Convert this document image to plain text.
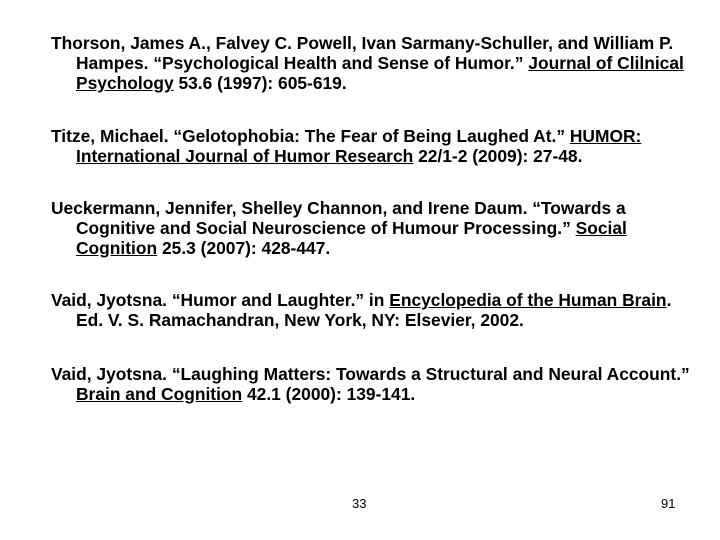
Thorson, James A., Falvey C. Powell, Ivan Sarmany-Schuller, and William P. Hampes. “Psychological Health and Sense of Humor.” Journal of Clilnical Psychology 53.6 (1997): 605-619.
Titze, Michael. “Gelotophobia: The Fear of Being Laughed At.” HUMOR: International Journal of Humor Research 22/1-2 (2009): 27-48.
Ueckermann, Jennifer, Shelley Channon, and Irene Daum. “Towards a Cognitive and Social Neuroscience of Humour Processing.” Social Cognition 25.3 (2007): 428-447.
Vaid, Jyotsna. “Humor and Laughter.” in Encyclopedia of the Human Brain. Ed. V. S. Ramachandran, New York, NY: Elsevier, 2002.
Vaid, Jyotsna. “Laughing Matters: Towards a Structural and Neural Account.” Brain and Cognition 42.1 (2000): 139-141.
33	91
